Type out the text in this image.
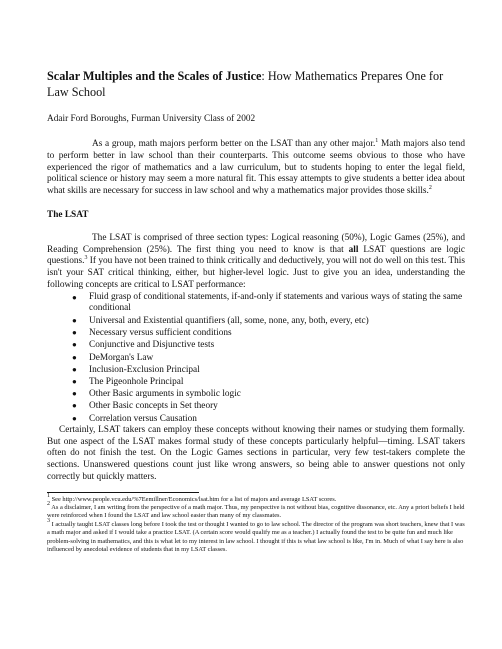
Scalar Multiples and the Scales of Justice: How Mathematics Prepares One for Law School

Adair Ford Boroughs, Furman University Class of 2002

As a group, math majors perform better on the LSAT than any other major.$^1$ Math majors also tend to perform better in law school than their counterparts. This outcome seems obvious to those who have experienced the rigor of mathematics and a law curriculum, but to students hoping to enter the legal field, political science or history may seem a more natural fit. This essay attempts to give students a better idea about what skills are necessary for success in law school and why a mathematics major provides those skills.$^2$

The LSAT

The LSAT is comprised of three section types: Logical reasoning (50%), Logic Games (25%), and Reading Comprehension (25%). The first thing you need to know is that all LSAT questions are logic questions.$^3$ If you have not been trained to think critically and deductively, you will not do well on this test. This isn't your SAT critical thinking, either, but higher-level logic. Just to give you an idea, understanding the following concepts are critical to LSAT performance:

● Fluid grasp of conditional statements, if-and-only if statements and various ways of stating the same conditional
● Universal and Existential quantifiers (all, some, none, any, both, every, etc)
● Necessary versus sufficient conditions
● Conjunctive and Disjunctive tests
● DeMorgan's Law
● Inclusion-Exclusion Principal
● The Pigeonhole Principal
● Other Basic arguments in symbolic logic
● Other Basic concepts in Set theory
● Correlation versus Causation

Certainly, LSAT takers can employ these concepts without knowing their names or studying them formally. But one aspect of the LSAT makes formal study of these concepts particularly helpful—timing. LSAT takers often do not finish the test. On the Logic Games sections in particular, very few test-takers complete the sections. Unanswered questions count just like wrong answers, so being able to answer questions not only correctly but quickly matters.

$^1$ See http://www.people.vcu.edu/%7Eemillner/Economics/lsat.htm for a list of majors and average LSAT scores.

$^2$ As a disclaimer, I am writing from the perspective of a math major. Thus, my perspective is not without bias, cognitive dissonance, etc. Any a priori beliefs I held were reinforced when I found the LSAT and law school easier than many of my classmates.

$^3$ I actually taught LSAT classes long before I took the test or thought I wanted to go to law school. The director of the program was short teachers, knew that I was a math major and asked if I would take a practice LSAT. (A certain score would qualify me as a teacher.) I actually found the test to be quite fun and much like problem-solving in mathematics, and this is what let to my interest in law school. I thought if this is what law school is like, I'm in. Much of what I say here is also influenced by anecdotal evidence of students that in my LSAT classes.
